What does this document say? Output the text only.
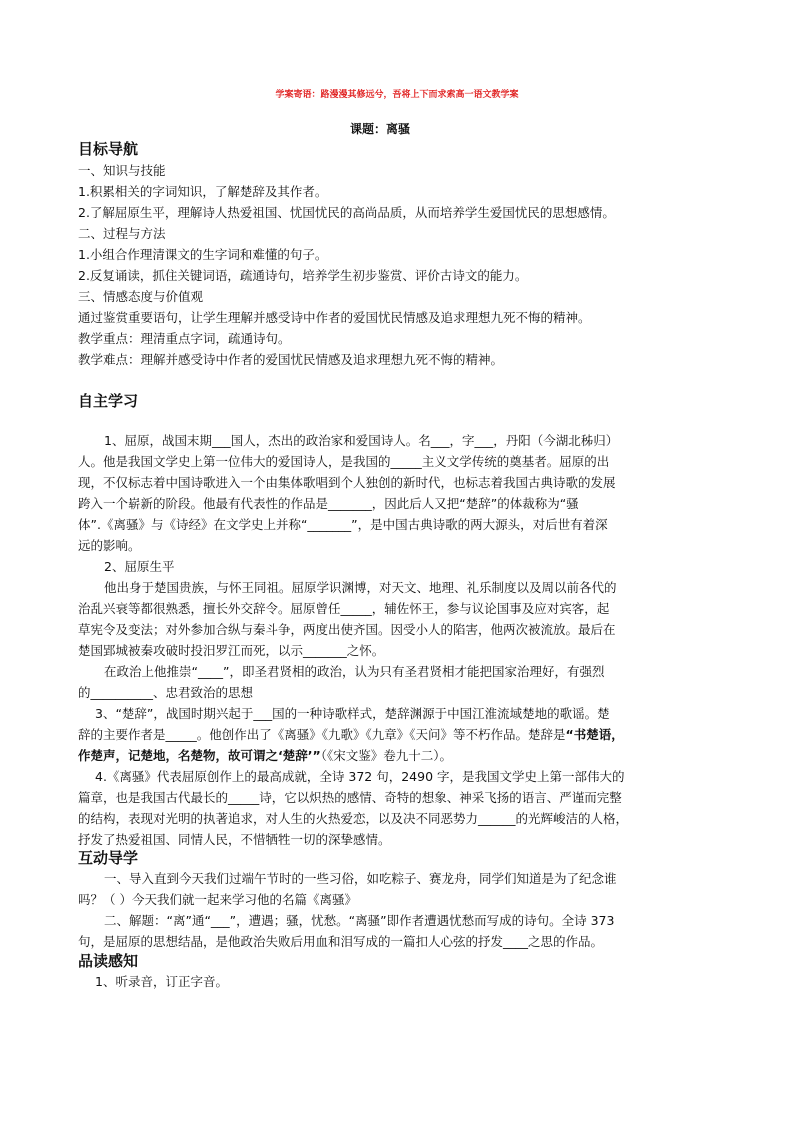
学案寄语：路漫漫其修远兮，吾将上下而求索高一语文教学案
课题：离骚
目标导航
一、知识与技能
1.积累相关的字词知识，了解楚辞及其作者。
2.了解屈原生平，理解诗人热爱祖国、忧国忧民的高尚品质，从而培养学生爱国忧民的思想感情。
二、过程与方法
1.小组合作理清课文的生字词和难懂的句子。
2.反复诵读，抓住关键词语，疏通诗句，培养学生初步鉴赏、评价古诗文的能力。
三、情感态度与价值观
通过鉴赏重要语句，让学生理解并感受诗中作者的爱国忧民情感及追求理想九死不悔的精神。
教学重点：理清重点字词，疏通诗句。
教学难点：理解并感受诗中作者的爱国忧民情感及追求理想九死不悔的精神。
自主学习
1、屈原，战国末期___国人，杰出的政治家和爱国诗人。名___，字___，丹阳（今湖北秭归）
人。他是我国文学史上第一位伟大的爱国诗人，是我国的_____主义文学传统的奠基者。屈原的出
现，不仅标志着中国诗歌进入一个由集体歌唱到个人独创的新时代，也标志着我国古典诗歌的发展
跨入一个崭新的阶段。他最有代表性的作品是_______，因此后人又把“楚辞”的体裁称为“骚
体”.《离骚》与《诗经》在文学史上并称“_______”，是中国古典诗歌的两大源头，对后世有着深
远的影响。
2、屈原生平
他出身于楚国贵族，与怀王同祖。屈原学识渊博，对天文、地理、礼乐制度以及周以前各代的
治乱兴衰等都很熟悉，擅长外交辞令。屈原曾任_____，辅佐怀王，参与议论国事及应对宾客，起
草宪令及变法；对外参加合纵与秦斗争，两度出使齐国。因受小人的陷害，他两次被流放。最后在
楚国郢城被秦攻破时投汨罗江而死，以示_______之怀。
在政治上他推崇“____”，即圣君贤相的政治，认为只有圣君贤相才能把国家治理好，有强烈
的__________、忠君致治的思想
3、“楚辞”，战国时期兴起于___国的一种诗歌样式，楚辞渊源于中国江淮流域楚地的歌谣。楚
辞的主要作者是_____。他创作出了《离骚》《九歌》《九章》《天问》等不朽作品。楚辞是“书楚语，
作楚声，记楚地，名楚物，故可谓之‘楚辞’”（《宋文鉴》卷九十二）。
4.《离骚》代表屈原创作上的最高成就，全诗 372 句，2490 字，是我国文学史上第一部伟大的
篇章，也是我国古代最长的_____诗，它以炽热的感情、奇特的想象、神采飞扬的语言、严谨而完整
的结构，表现对光明的执著追求，对人生的火热爱恋，以及决不同恶势力______的光辉峻洁的人格，
抒发了热爱祖国、同情人民，不惜牺牲一切的深挚感情。
互动导学
一、导入直到今天我们过端午节时的一些习俗，如吃粽子、赛龙舟，同学们知道是为了纪念谁
吗？（ ）今天我们就一起来学习他的名篇《离骚》
二、解题：“离”通“___”，遭遇；骚，忧愁。“离骚”即作者遭遇忧愁而写成的诗句。全诗 373
句，是屈原的思想结晶，是他政治失败后用血和泪写成的一篇扣人心弦的抒发____之思的作品。
品读感知
1、听录音，订正字音。
